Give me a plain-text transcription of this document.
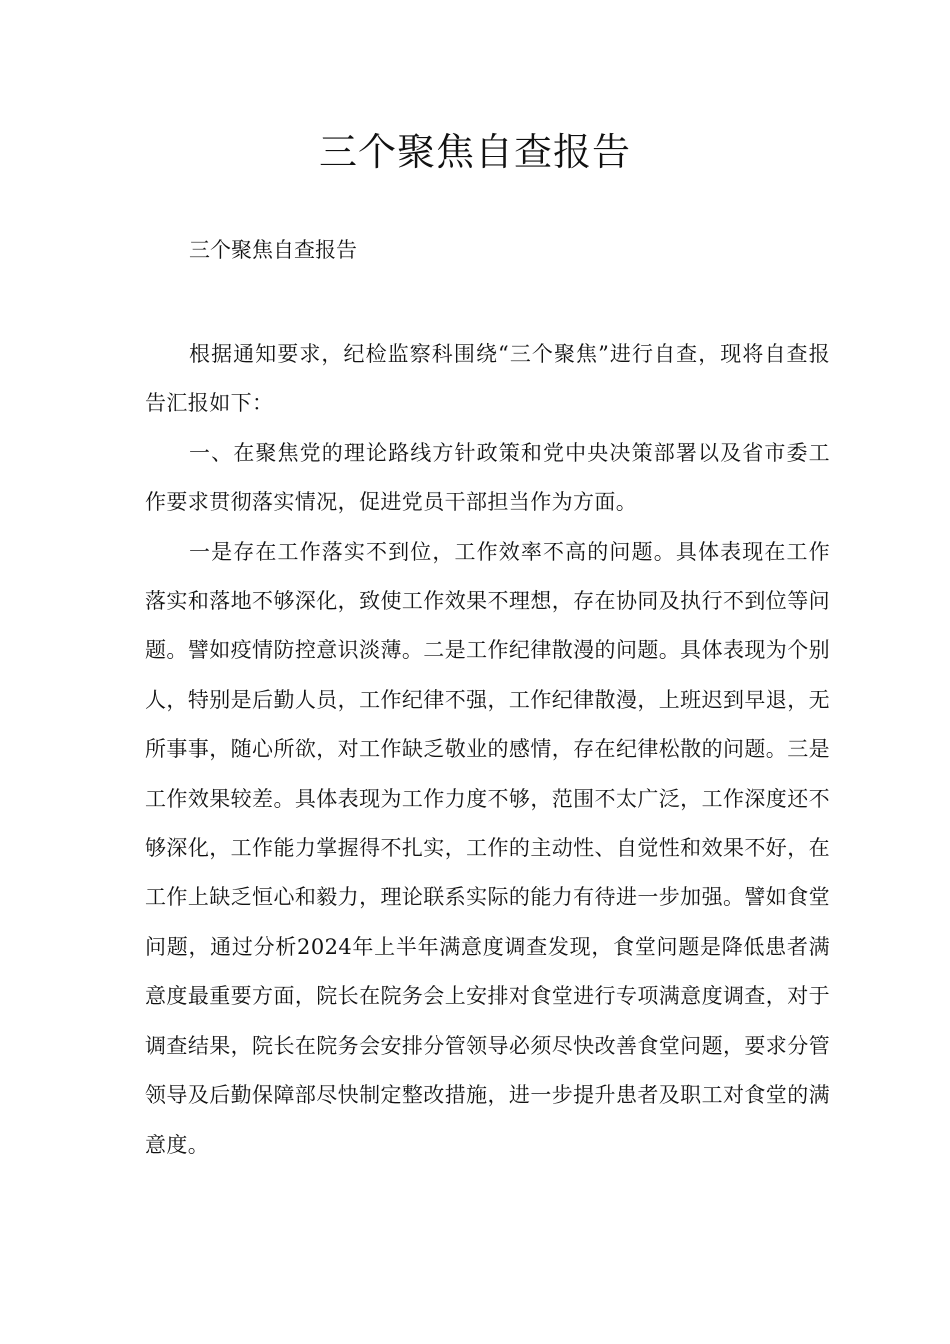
三个聚焦自查报告

三个聚焦自查报告

根据通知要求，纪检监察科围绕“三个聚焦”进行自查，现将自查报告汇报如下：

一、在聚焦党的理论路线方针政策和党中央决策部署以及省市委工作要求贯彻落实情况，促进党员干部担当作为方面。

一是存在工作落实不到位，工作效率不高的问题。具体表现在工作落实和落地不够深化，致使工作效果不理想，存在协同及执行不到位等问题。譬如疫情防控意识淡薄。二是工作纪律散漫的问题。具体表现为个别人，特别是后勤人员，工作纪律不强，工作纪律散漫，上班迟到早退，无所事事，随心所欲，对工作缺乏敬业的感情，存在纪律松散的问题。三是工作效果较差。具体表现为工作力度不够，范围不太广泛，工作深度还不够深化，工作能力掌握得不扎实，工作的主动性、自觉性和效果不好，在工作上缺乏恒心和毅力，理论联系实际的能力有待进一步加强。譬如食堂问题，通过分析2024年上半年满意度调查发现，食堂问题是降低患者满意度最重要方面，院长在院务会上安排对食堂进行专项满意度调查，对于调查结果，院长在院务会安排分管领导必须尽快改善食堂问题，要求分管领导及后勤保障部尽快制定整改措施，进一步提升患者及职工对食堂的满意度。
